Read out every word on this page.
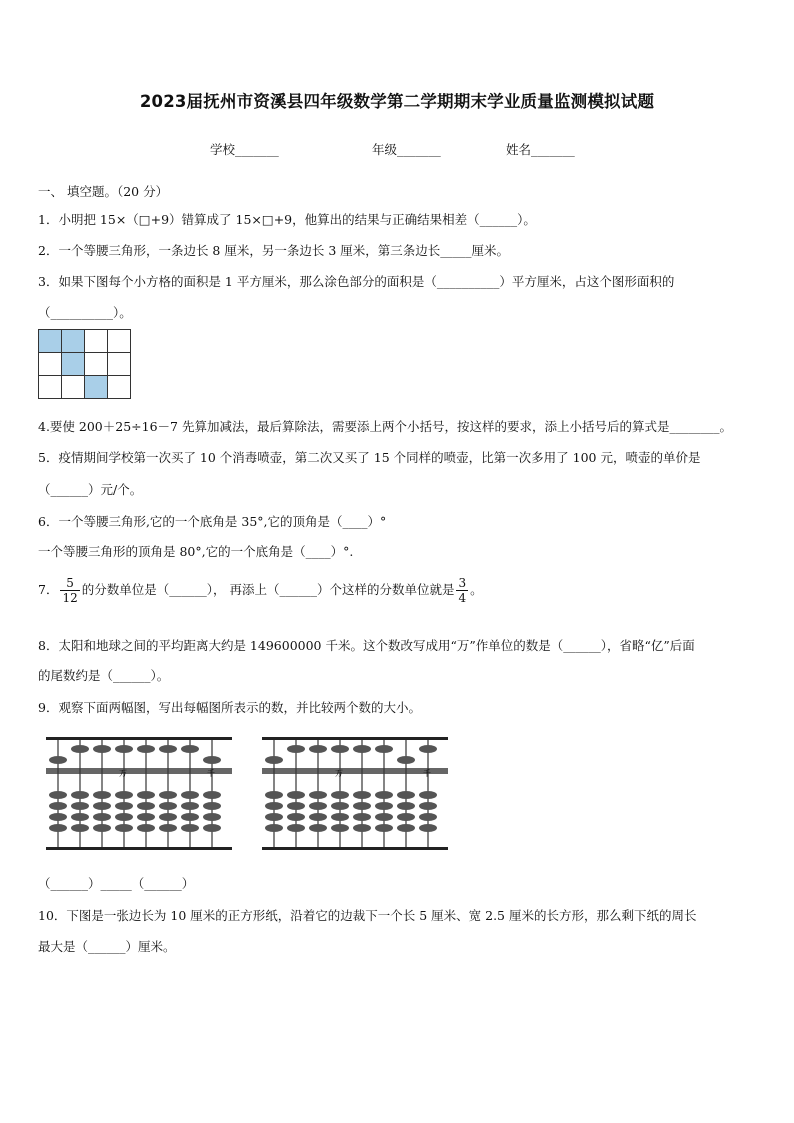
2023届抚州市资溪县四年级数学第二学期期末学业质量监测模拟试题
学校_______	年级_______	姓名_______
一、 填空题。（20 分）
1．小明把 15×（□+9）错算成了 15×□+9，他算出的结果与正确结果相差（______）。
2．一个等腰三角形，一条边长 8 厘米，另一条边长 3 厘米，第三条边长_____厘米。
3．如果下图每个小方格的面积是 1 平方厘米，那么涂色部分的面积是（__________）平方厘米，占这个图形面积的
（__________）。

4.要使 200＋25÷16－7 先算加减法，最后算除法，需要添上两个小括号，按这样的要求，添上小括号后的算式是________。
5．疫情期间学校第一次买了 10 个消毒喷壶，第二次又买了 15 个同样的喷壶，比第一次多用了 100 元，喷壶的单价是
（______）元/个。
6．一个等腰三角形,它的一个底角是 35°,它的顶角是（____）°
一个等腰三角形的顶角是 80°,它的一个底角是（____）°.
7． $\frac{5}{12}$ 的分数单位是（______）， 再添上（______）个这样的分数单位就是 $\frac{3}{4}$ 。
8．太阳和地球之间的平均距离大约是 149600000 千米。这个数改写成用“万”作单位的数是（______），省略“亿”后面
的尾数约是（______）。
9．观察下面两幅图，写出每幅图所表示的数，并比较两个数的大小。
万	千	万	千
（______）_____（______）
10．下图是一张边长为 10 厘米的正方形纸，沿着它的边裁下一个长 5 厘米、宽 2.5 厘米的长方形，那么剩下纸的周长
最大是（______）厘米。
